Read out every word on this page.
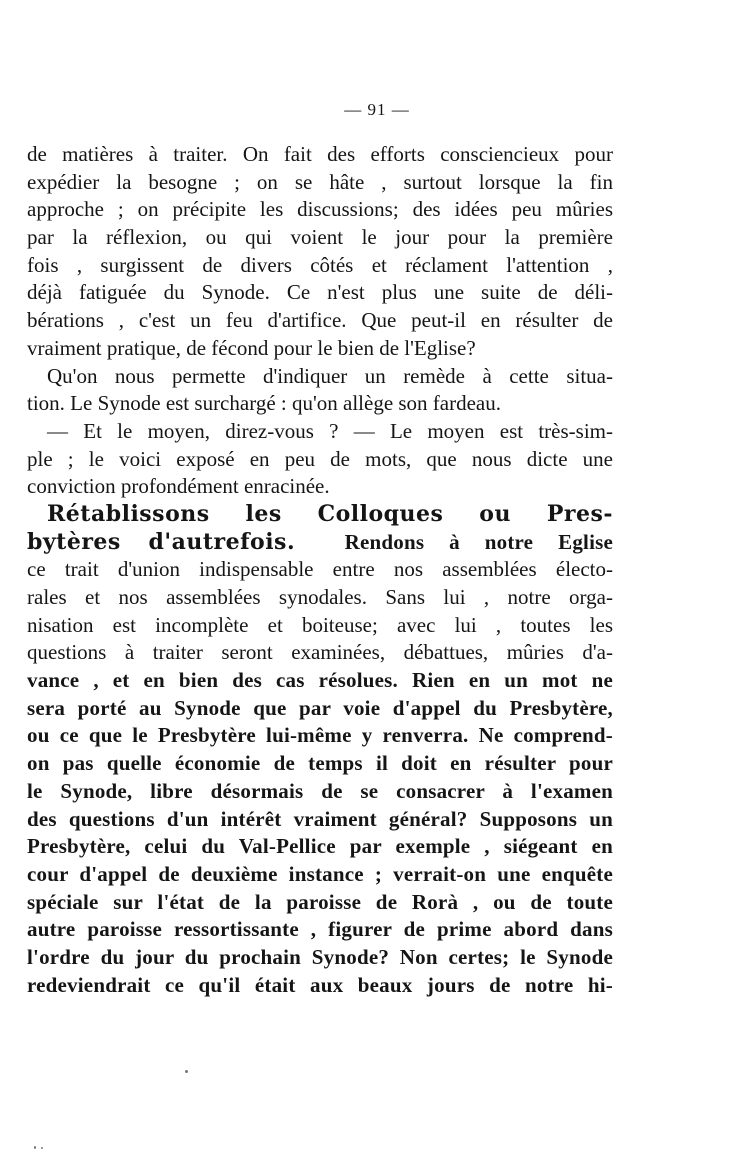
— 91 —
de matières à traiter. On fait des efforts consciencieux pour
expédier la besogne ; on se hâte , surtout lorsque la fin
approche ; on précipite les discussions; des idées peu mûries
par la réflexion, ou qui voient le jour pour la première
fois , surgissent de divers côtés et réclament l'attention ,
déjà fatiguée du Synode. Ce n'est plus une suite de déli-
bérations , c'est un feu d'artifice. Que peut-il en résulter de
vraiment pratique, de fécond pour le bien de l'Eglise?
Qu'on nous permette d'indiquer un remède à cette situa-
tion. Le Synode est surchargé : qu'on allège son fardeau.
— Et le moyen, direz-vous ? — Le moyen est très-sim-
ple ; le voici exposé en peu de mots, que nous dicte une
conviction profondément enracinée.
Rétablissons les Colloques ou Pres-
bytères d'autrefois. Rendons à notre Eglise
ce trait d'union indispensable entre nos assemblées électo-
rales et nos assemblées synodales. Sans lui , notre orga-
nisation est incomplète et boiteuse; avec lui , toutes les
questions à traiter seront examinées, débattues, mûries d'a-
vance , et en bien des cas résolues. Rien en un mot ne
sera porté au Synode que par voie d'appel du Presbytère,
ou ce que le Presbytère lui-même y renverra. Ne comprend-
on pas quelle économie de temps il doit en résulter pour
le Synode, libre désormais de se consacrer à l'examen
des questions d'un intérêt vraiment général? Supposons un
Presbytère, celui du Val-Pellice par exemple , siégeant en
cour d'appel de deuxième instance ; verrait-on une enquête
spéciale sur l'état de la paroisse de Rorà , ou de toute
autre paroisse ressortissante , figurer de prime abord dans
l'ordre du jour du prochain Synode? Non certes; le Synode
redeviendrait ce qu'il était aux beaux jours de notre hi-
